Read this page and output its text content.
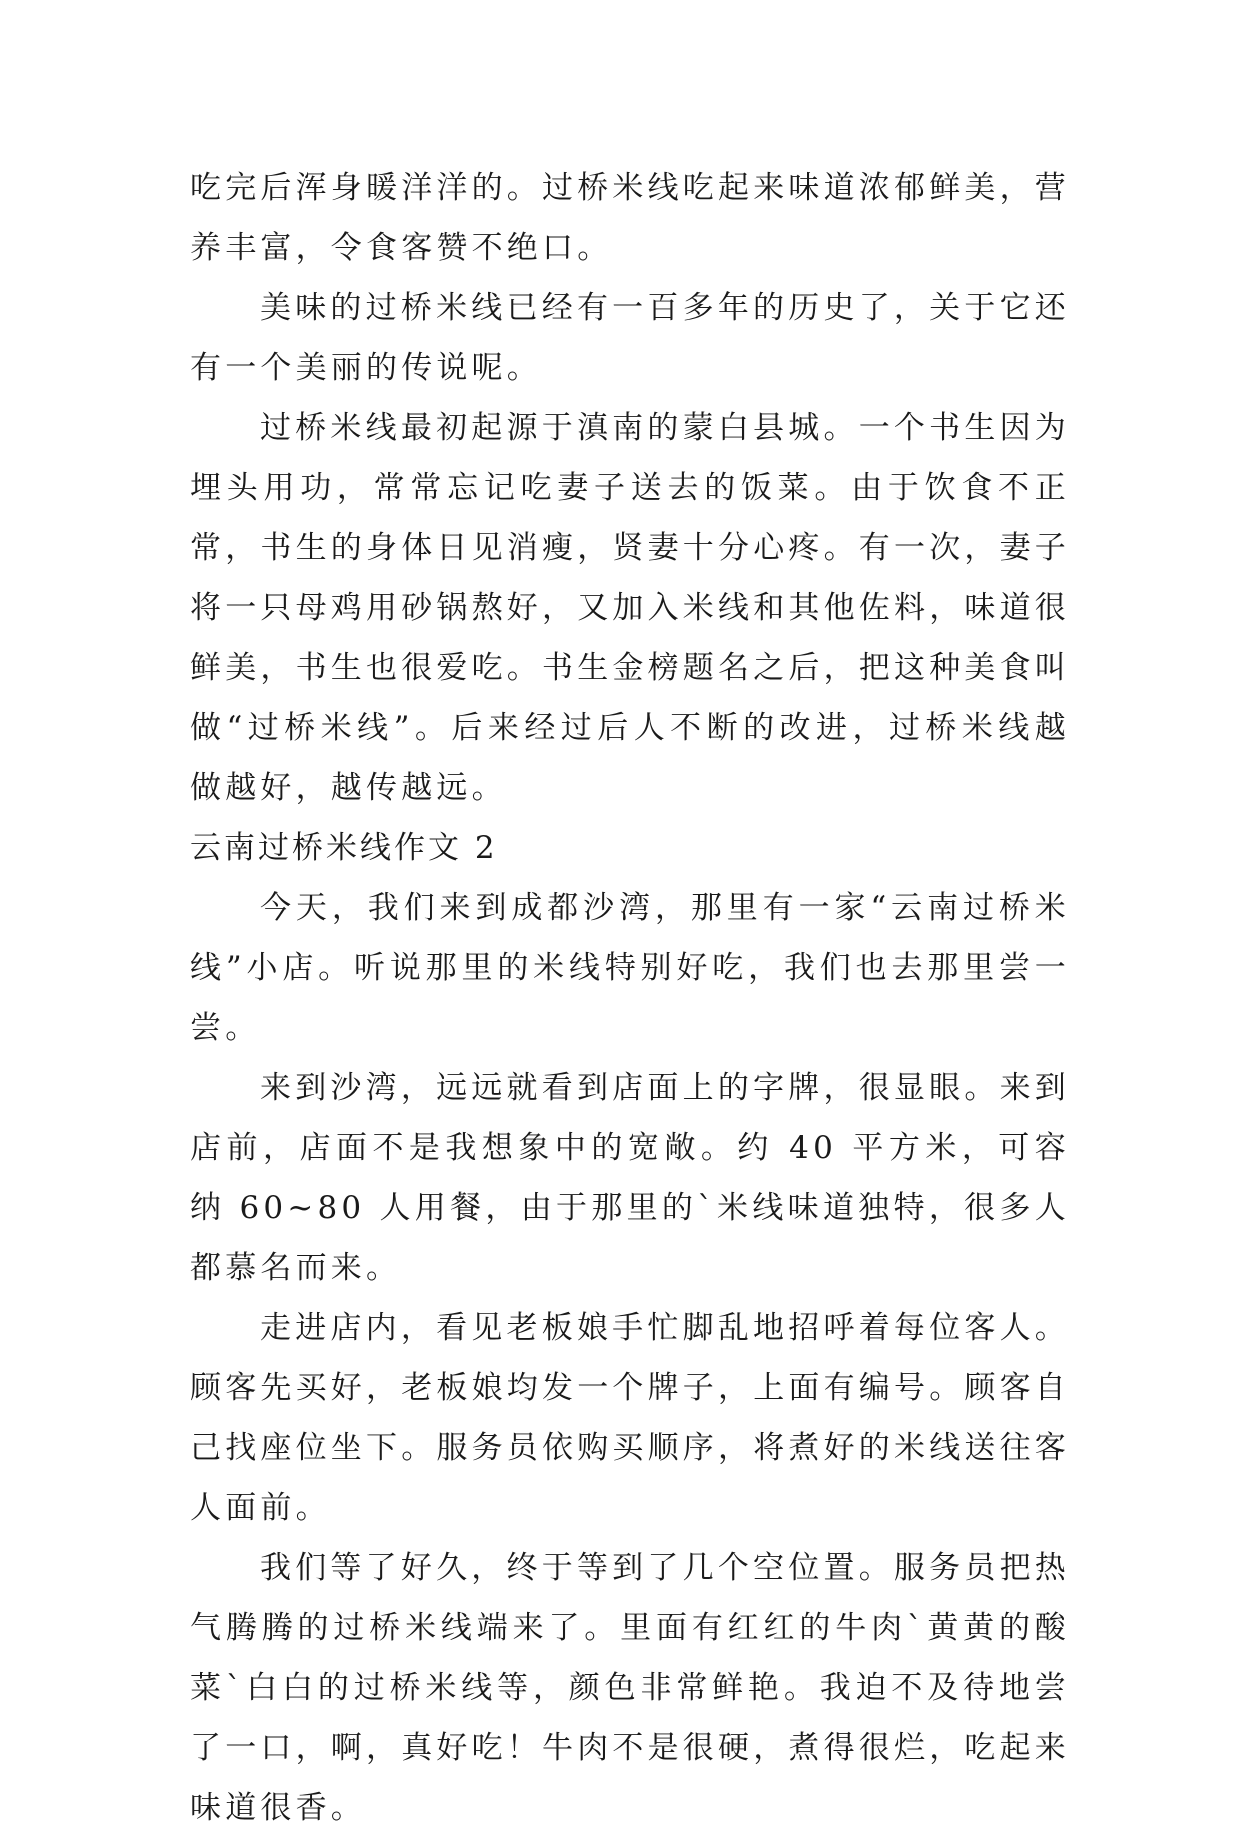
吃完后浑身暖洋洋的。过桥米线吃起来味道浓郁鲜美，营养丰富，令食客赞不绝口。

美味的过桥米线已经有一百多年的历史了，关于它还有一个美丽的传说呢。

过桥米线最初起源于滇南的蒙白县城。一个书生因为埋头用功，常常忘记吃妻子送去的饭菜。由于饮食不正常，书生的身体日见消瘦，贤妻十分心疼。有一次，妻子将一只母鸡用砂锅熬好，又加入米线和其他佐料，味道很鲜美，书生也很爱吃。书生金榜题名之后，把这种美食叫做“过桥米线”。后来经过后人不断的改进，过桥米线越做越好，越传越远。

云南过桥米线作文 2

今天，我们来到成都沙湾，那里有一家“云南过桥米线”小店。听说那里的米线特别好吃，我们也去那里尝一尝。

来到沙湾，远远就看到店面上的字牌，很显眼。来到店前，店面不是我想象中的宽敞。约 40 平方米，可容纳 60~80 人用餐，由于那里的`米线味道独特，很多人都慕名而来。

走进店内，看见老板娘手忙脚乱地招呼着每位客人。顾客先买好，老板娘均发一个牌子，上面有编号。顾客自己找座位坐下。服务员依购买顺序，将煮好的米线送往客人面前。

我们等了好久，终于等到了几个空位置。服务员把热气腾腾的过桥米线端来了。里面有红红的牛肉`黄黄的酸菜`白白的过桥米线等，颜色非常鲜艳。我迫不及待地尝了一口，啊，真好吃！牛肉不是很硬，煮得很烂，吃起来味道很香。
